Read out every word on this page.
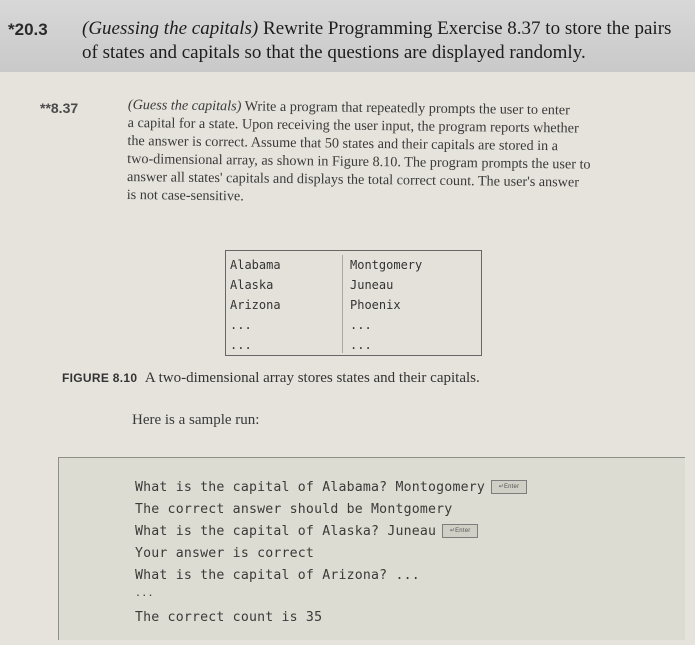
*20.3 (Guessing the capitals) Rewrite Programming Exercise 8.37 to store the pairs
of states and capitals so that the questions are displayed randomly.
**8.37	(Guess the capitals) Write a program that repeatedly prompts the user to enter

a capital for a state. Upon receiving the user input, the program reports whether

the answer is correct. Assume that 50 states and their capitals are stored in a

two-dimensional array, as shown in Figure 8.10. The program prompts the user to

answer all states' capitals and displays the total correct count. The user's answer

is not case-sensitive.

Alabama
Alaska
Arizona
...
...
Montgomery
Juneau
Phoenix
...
...
FIGURE 8.10 A two-dimensional array stores states and their capitals.
Here is a sample run:
What is the capital of Alabama? Montogomery ↵Enter
The correct answer should be Montgomery
What is the capital of Alaska? Juneau ↵Enter
Your answer is correct
What is the capital of Arizona? ...
...
The correct count is 35
